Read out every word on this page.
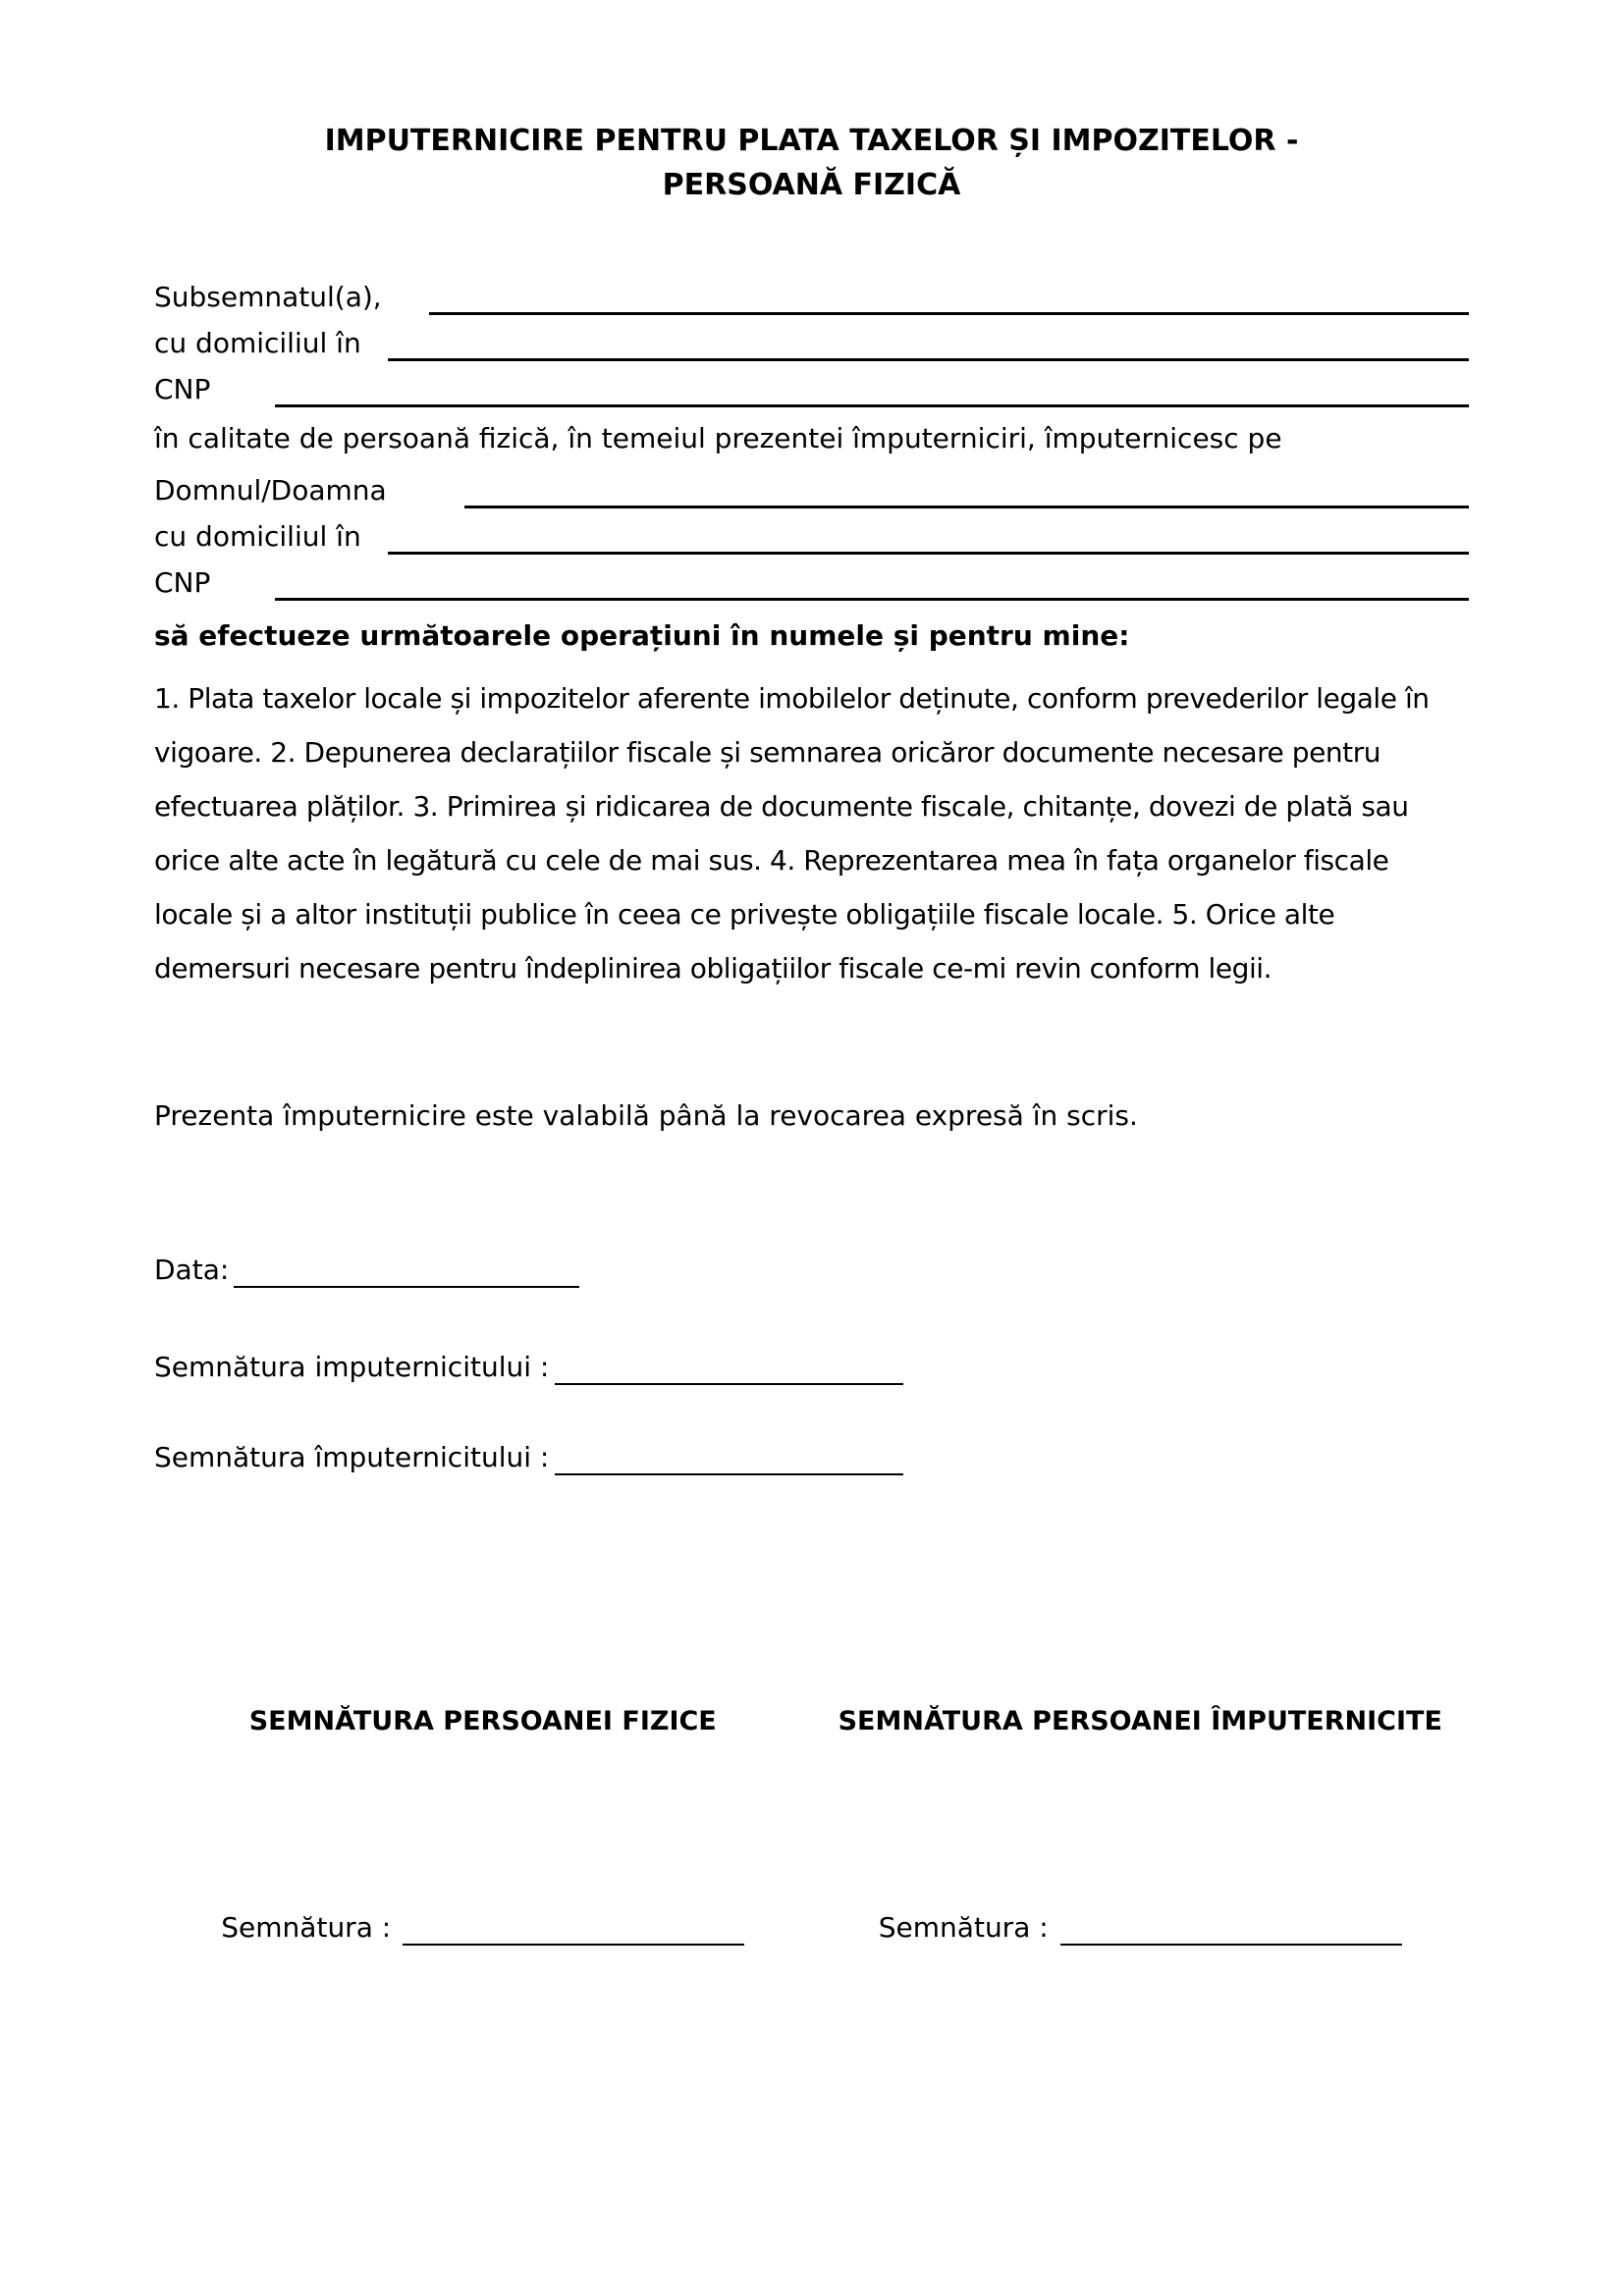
IMPUTERNICIRE PENTRU PLATA TAXELOR ȘI IMPOZITELOR -
PERSOANĂ FIZICĂ
Subsemnatul(a),
cu domiciliul în
CNP
în calitate de persoană fizică, în temeiul prezentei împuterniciri, împuternicesc pe
Domnul/Doamna
cu domiciliul în
CNP
să efectueze următoarele operațiuni în numele și pentru mine:
1. Plata taxelor locale și impozitelor aferente imobilelor deținute, conform prevederilor legale în vigoare. 2. Depunerea declarațiilor fiscale și semnarea oricăror documente necesare pentru efectuarea plăților. 3. Primirea și ridicarea de documente fiscale, chitanțe, dovezi de plată sau orice alte acte în legătură cu cele de mai sus. 4. Reprezentarea mea în fața organelor fiscale locale și a altor instituții publice în ceea ce privește obligațiile fiscale locale. 5. Orice alte demersuri necesare pentru îndeplinirea obligațiilor fiscale ce-mi revin conform legii.
Prezenta împuternicire este valabilă până la revocarea expresă în scris.
Data:
Semnătura imputernicitului :
Semnătura împuternicitului :
SEMNĂTURA PERSOANEI FIZICE	SEMNĂTURA PERSOANEI ÎMPUTERNICITE
Semnătura :	Semnătura :
